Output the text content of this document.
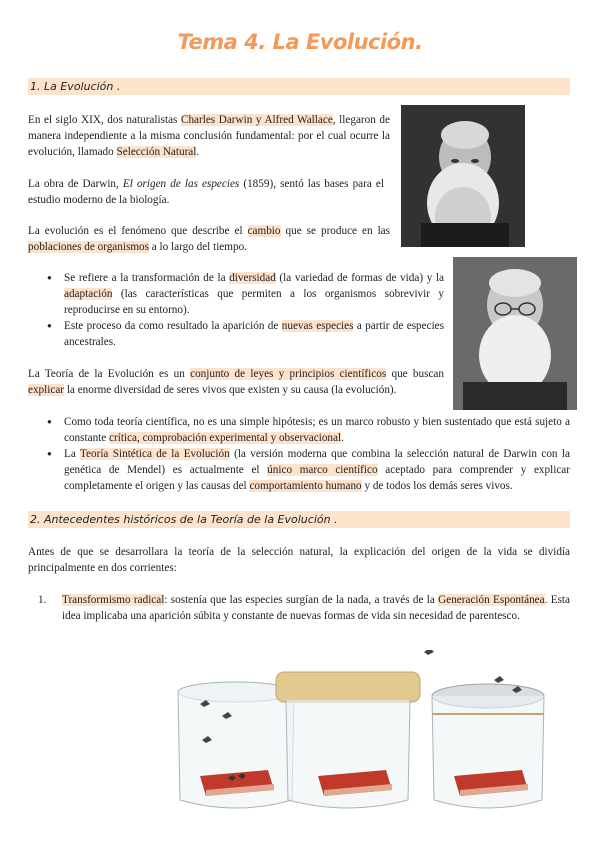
Tema 4. La Evolución.
1. La Evolución .
En el siglo XIX, dos naturalistas Charles Darwin y Alfred Wallace, llegaron de manera independiente a la misma conclusión fundamental: por el cual ocurre la evolución, llamado Selección Natural.
La obra de Darwin, El origen de las especies (1859), sentó las bases para el estudio moderno de la biología.
La evolución es el fenómeno que describe el cambio que se produce en las poblaciones de organismos a lo largo del tiempo.
● Se refiere a la transformación de la diversidad (la variedad de formas de vida) y la adaptación (las características que permiten a los organismos sobrevivir y reproducirse en su entorno).
● Este proceso da como resultado la aparición de nuevas especies a partir de especies ancestrales.
La Teoría de la Evolución es un conjunto de leyes y principios científicos que buscan explicar la enorme diversidad de seres vivos que existen y su causa (la evolución).
● Como toda teoría científica, no es una simple hipótesis; es un marco robusto y bien sustentado que está sujeto a constante crítica, comprobación experimental y observacional.
● La Teoría Sintética de la Evolución (la versión moderna que combina la selección natural de Darwin con la genética de Mendel) es actualmente el único marco científico aceptado para comprender y explicar completamente el origen y las causas del comportamiento humano y de todos los demás seres vivos.
2. Antecedentes históricos de la Teoría de la Evolución .
Antes de que se desarrollara la teoría de la selección natural, la explicación del origen de la vida se dividía principalmente en dos corrientes:
1. Transformismo radical: sostenía que las especies surgían de la nada, a través de la Generación Espontánea. Esta idea implicaba una aparición súbita y constante de nuevas formas de vida sin necesidad de parentesco.
